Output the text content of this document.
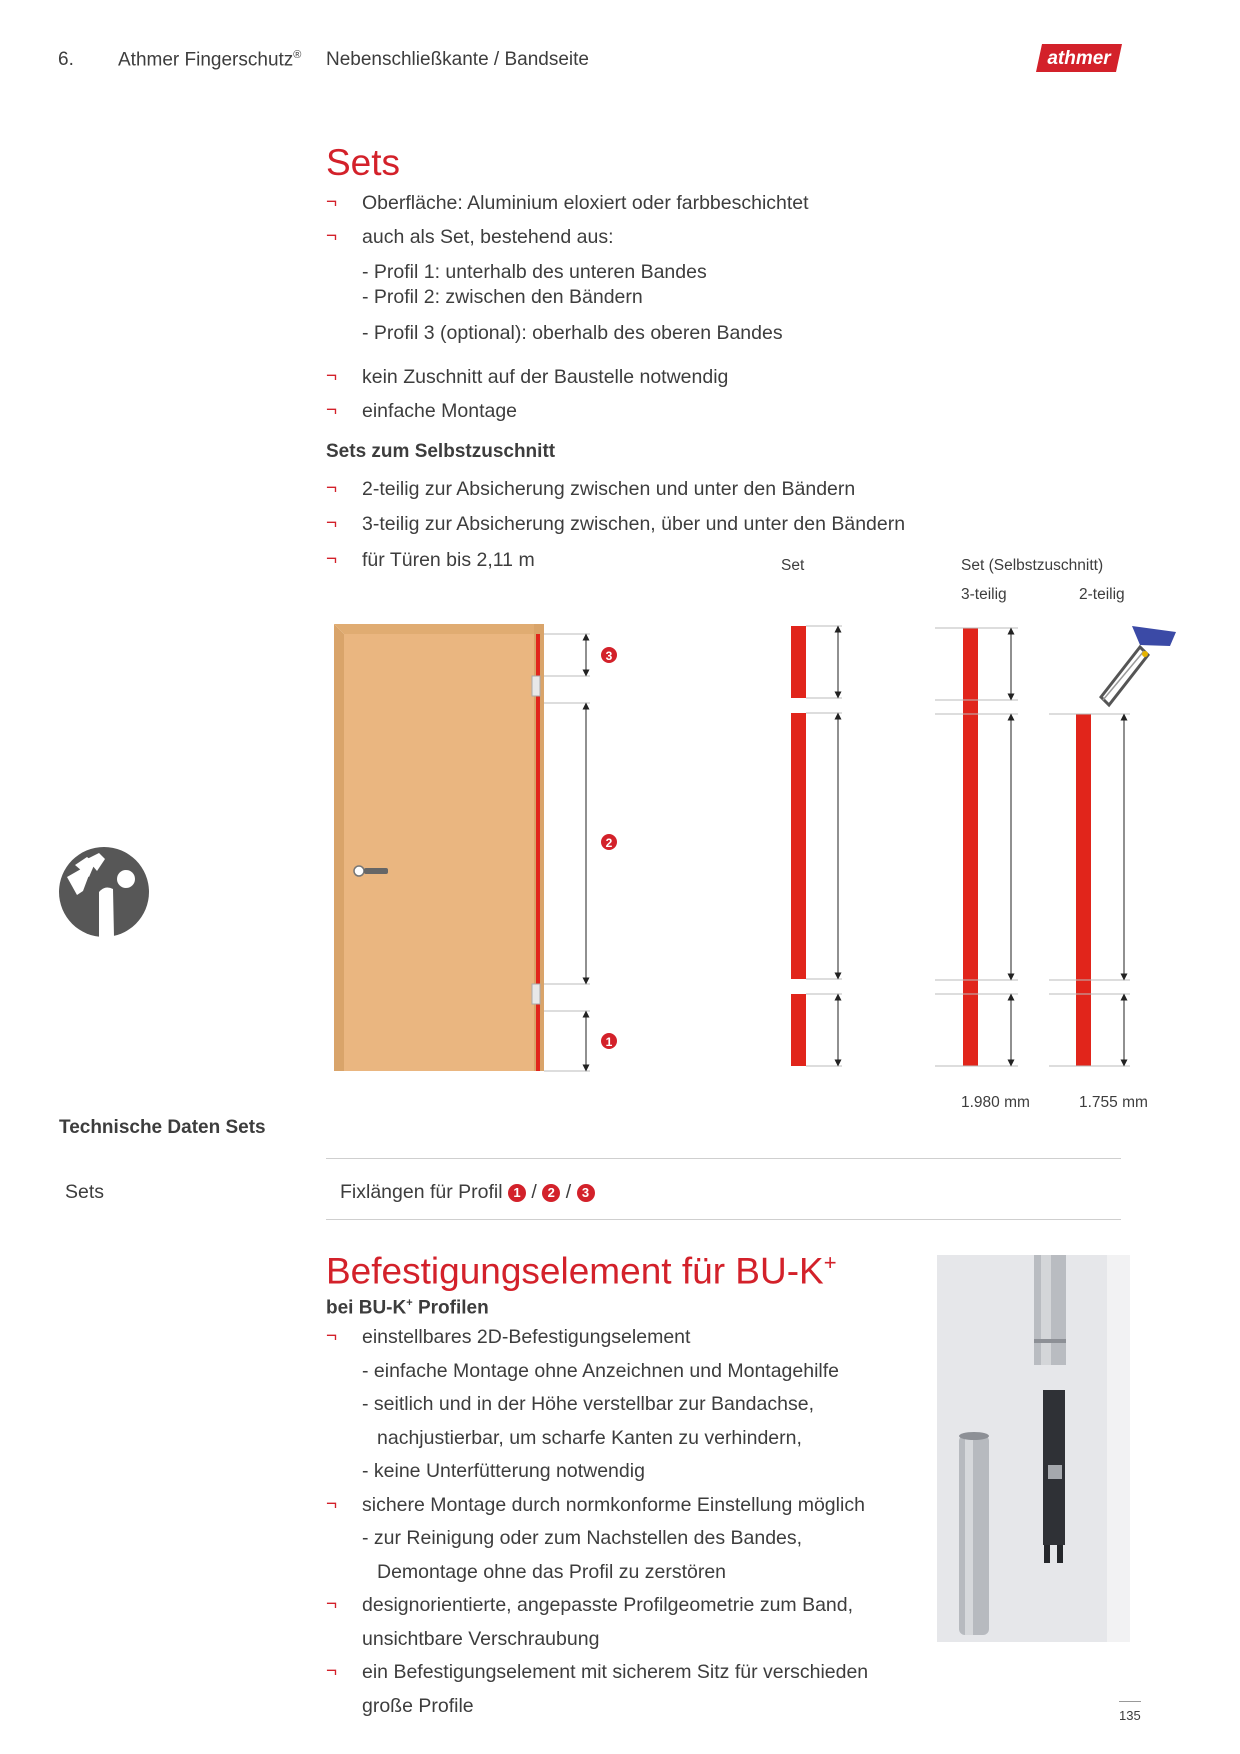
6. Athmer Fingerschutz® Nebenschließkante / Bandseite	athmer
Sets
¬ Oberfläche: Aluminium eloxiert oder farbbeschichtet
¬ auch als Set, bestehend aus:
- Profil 1: unterhalb des unteren Bandes
- Profil 2: zwischen den Bändern
- Profil 3 (optional): oberhalb des oberen Bandes
¬ kein Zuschnitt auf der Baustelle notwendig
¬ einfache Montage
Sets zum Selbstzuschnitt
¬ 2-teilig zur Absicherung zwischen und unter den Bändern
¬ 3-teilig zur Absicherung zwischen, über und unter den Bändern
¬ für Türen bis 2,11 m	Set	Set (Selbstzuschnitt)
3-teilig	2-teilig
1.980 mm	1.755 mm
3
2
1
Technische Daten Sets
Sets	Fixlängen für Profil 1 / 2 / 3
Befestigungselement für BU-K+
bei BU-K+ Profilen
¬ einstellbares 2D-Befestigungselement
- einfache Montage ohne Anzeichnen und Montagehilfe
- seitlich und in der Höhe verstellbar zur Bandachse,
nachjustierbar, um scharfe Kanten zu verhindern,
- keine Unterfütterung notwendig
¬ sichere Montage durch normkonforme Einstellung möglich
- zur Reinigung oder zum Nachstellen des Bandes,
Demontage ohne das Profil zu zerstören
¬ designorientierte, angepasste Profilgeometrie zum Band,
unsichtbare Verschraubung
¬ ein Befestigungselement mit sicherem Sitz für verschieden
große Profile	135
